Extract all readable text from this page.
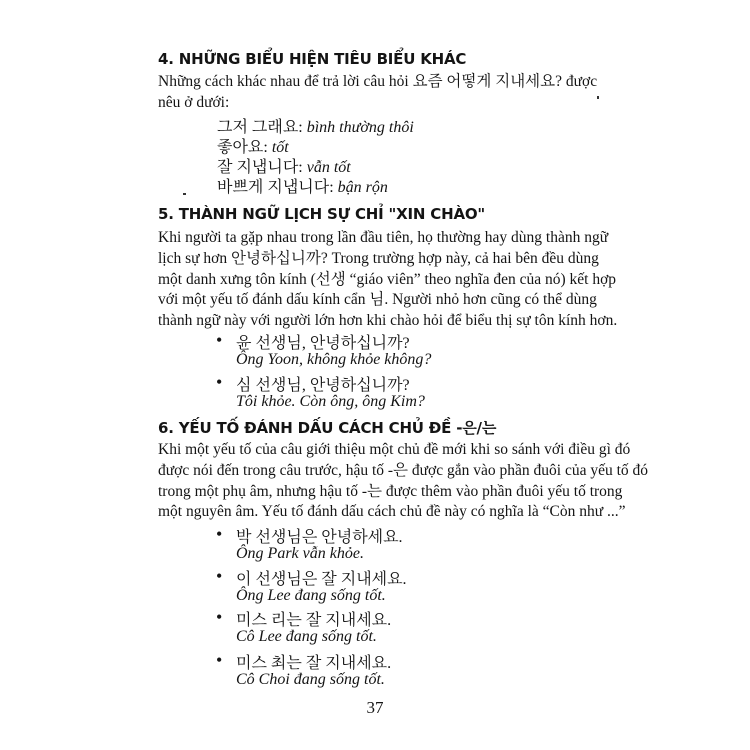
4. NHỮNG BIỂU HIỆN TIÊU BIỂU KHÁC
Những cách khác nhau để trả lời câu hỏi 요즘 어떻게 지내세요? được
nêu ở dưới:
그저 그래요: bình thường thôi
좋아요: tốt
잘 지냅니다: vẫn tốt
바쁘게 지냅니다: bận rộn
5. THÀNH NGỮ LỊCH SỰ CHỈ "XIN CHÀO"
Khi người ta gặp nhau trong lần đầu tiên, họ thường hay dùng thành ngữ
lịch sự hơn 안녕하십니까? Trong trường hợp này, cả hai bên đều dùng
một danh xưng tôn kính (선생 “giáo viên” theo nghĩa đen của nó) kết hợp
với một yếu tố đánh dấu kính cẩn 님. Người nhỏ hơn cũng có thể dùng
thành ngữ này với người lớn hơn khi chào hỏi để biểu thị sự tôn kính hơn.
• 윤 선생님, 안녕하십니까?
Ông Yoon, không khỏe không?
• 심 선생님, 안녕하십니까?
Tôi khỏe. Còn ông, ông Kim?
6. YẾU TỐ ĐÁNH DẤU CÁCH CHỦ ĐỀ -은/는
Khi một yếu tố của câu giới thiệu một chủ đề mới khi so sánh với điều gì đó
được nói đến trong câu trước, hậu tố -은 được gắn vào phần đuôi của yếu tố đó
trong một phụ âm, nhưng hậu tố -는 được thêm vào phần đuôi yếu tố trong
một nguyên âm. Yếu tố đánh dấu cách chủ đề này có nghĩa là “Còn như ...”
• 박 선생님은 안녕하세요.
Ông Park vẫn khỏe.
• 이 선생님은 잘 지내세요.
Ông Lee đang sống tốt.
• 미스 리는 잘 지내세요.
Cô Lee đang sống tốt.
• 미스 최는 잘 지내세요.
Cô Choi đang sống tốt.
37
